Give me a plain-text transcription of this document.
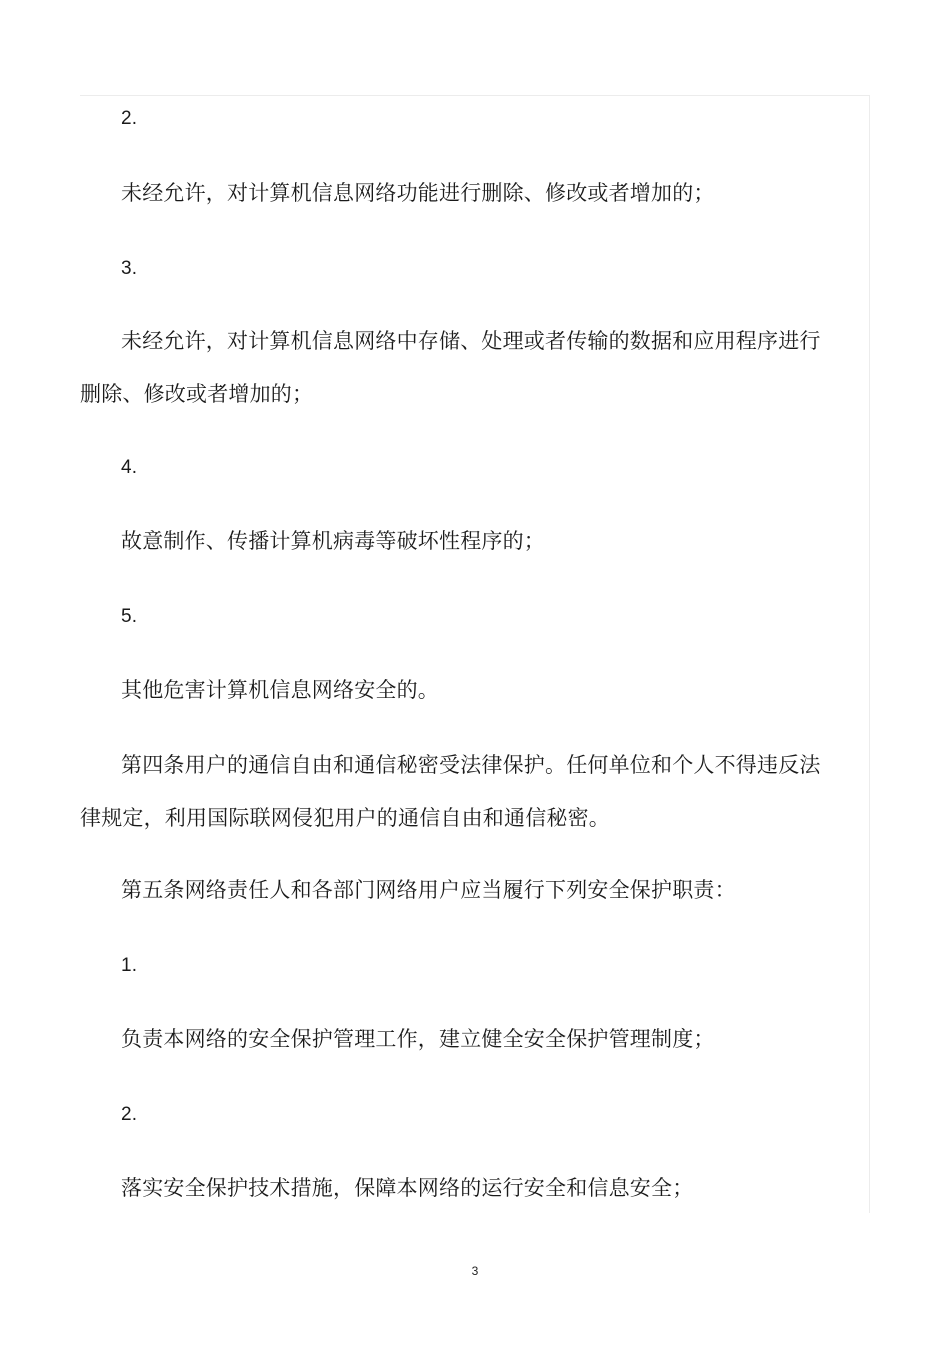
2.
未经允许，对计算机信息网络功能进行删除、修改或者增加的；
3.
未经允许，对计算机信息网络中存储、处理或者传输的数据和应用程序进行删除、修改或者增加的；
4.
故意制作、传播计算机病毒等破坏性程序的；
5.
其他危害计算机信息网络安全的。
第四条用户的通信自由和通信秘密受法律保护。任何单位和个人不得违反法律规定，利用国际联网侵犯用户的通信自由和通信秘密。
第五条网络责任人和各部门网络用户应当履行下列安全保护职责：
1.
负责本网络的安全保护管理工作，建立健全安全保护管理制度；
2.
落实安全保护技术措施，保障本网络的运行安全和信息安全；
3
